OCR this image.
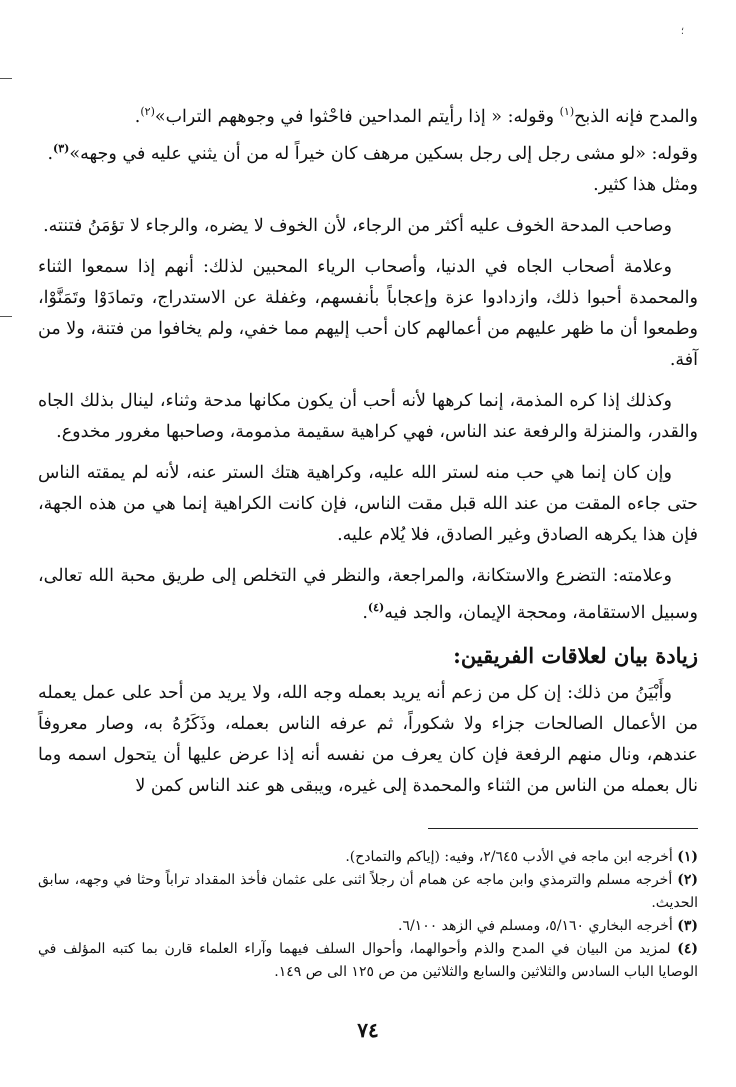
؛

والمدح فإنه الذبح$^{(١)}$ وقوله: « إذا رأيتم المداحين فاحْثوا في وجوههم التراب»$^{(٢)}$.
وقوله: «لو مشى رجل إلى رجل بسكين مرهف كان خيراً له من أن يثني عليه في وجهه»$^{(٣)}$.
ومثل هذا كثير.

وصاحب المدحة الخوف عليه أكثر من الرجاء، لأن الخوف لا يضره، والرجاء لا تؤمَنُ فتنته.

وعلامة أصحاب الجاه في الدنيا، وأصحاب الرياء المحبين لذلك: أنهم إذا سمعوا الثناء والمحمدة أحبوا ذلك، وازدادوا عزة وإعجاباً بأنفسهم، وغفلة عن الاستدراج، وتمادَوْا وتَمَنَّوْا، وطمعوا أن ما ظهر عليهم من أعمالهم كان أحب إليهم مما خفي، ولم يخافوا من فتنة، ولا من آفة.

وكذلك إذا كره المذمة، إنما كرهها لأنه أحب أن يكون مكانها مدحة وثناء، لينال بذلك الجاه والقدر، والمنزلة والرفعة عند الناس، فهي كراهية سقيمة مذمومة، وصاحبها مغرور مخدوع.

وإن كان إنما هي حب منه لستر الله عليه، وكراهية هتك الستر عنه، لأنه لم يمقته الناس حتى جاءه المقت من عند الله قبل مقت الناس، فإن كانت الكراهية إنما هي من هذه الجهة، فإن هذا يكرهه الصادق وغير الصادق، فلا يُلام عليه.

وعلامته: التضرع والاستكانة، والمراجعة، والنظر في التخلص إلى طريق محبة الله تعالى، وسبيل الاستقامة، ومحجة الإيمان، والجد فيه$^{(٤)}$.

زيادة بيان لعلاقات الفريقين:

وأَبْيَنُ من ذلك: إن كل من زعم أنه يريد بعمله وجه الله، ولا يريد من أحد على عمل يعمله من الأعمال الصالحات جزاء ولا شكوراً، ثم عرفه الناس بعمله، وذَكَرُهُ به، وصار معروفاً عندهم، ونال منهم الرفعة فإن كان يعرف من نفسه أنه إذا عرض عليها أن يتحول اسمه وما نال بعمله من الناس من الثناء والمحمدة إلى غيره، ويبقى هو عند الناس كمن لا

(١) أخرجه ابن ماجه في الأدب ٢/٦٤٥، وفيه: (إياكم والتمادح).

(٢) أخرجه مسلم والترمذي وابن ماجه عن همام أن رجلاً اثنى على عثمان فأخذ المقداد تراباً وحثا في وجهه، سابق الحديث.

(٣) أخرجه البخاري ٥/١٦٠، ومسلم في الزهد ٦/١٠٠.

(٤) لمزيد من البيان في المدح والذم وأحوالهما، وأحوال السلف فيهما وآراء العلماء قارن بما كتبه المؤلف في الوصايا الباب السادس والثلاثين والسابع والثلاثين من ص ١٢٥ الى ص ١٤٩.

٧٤
